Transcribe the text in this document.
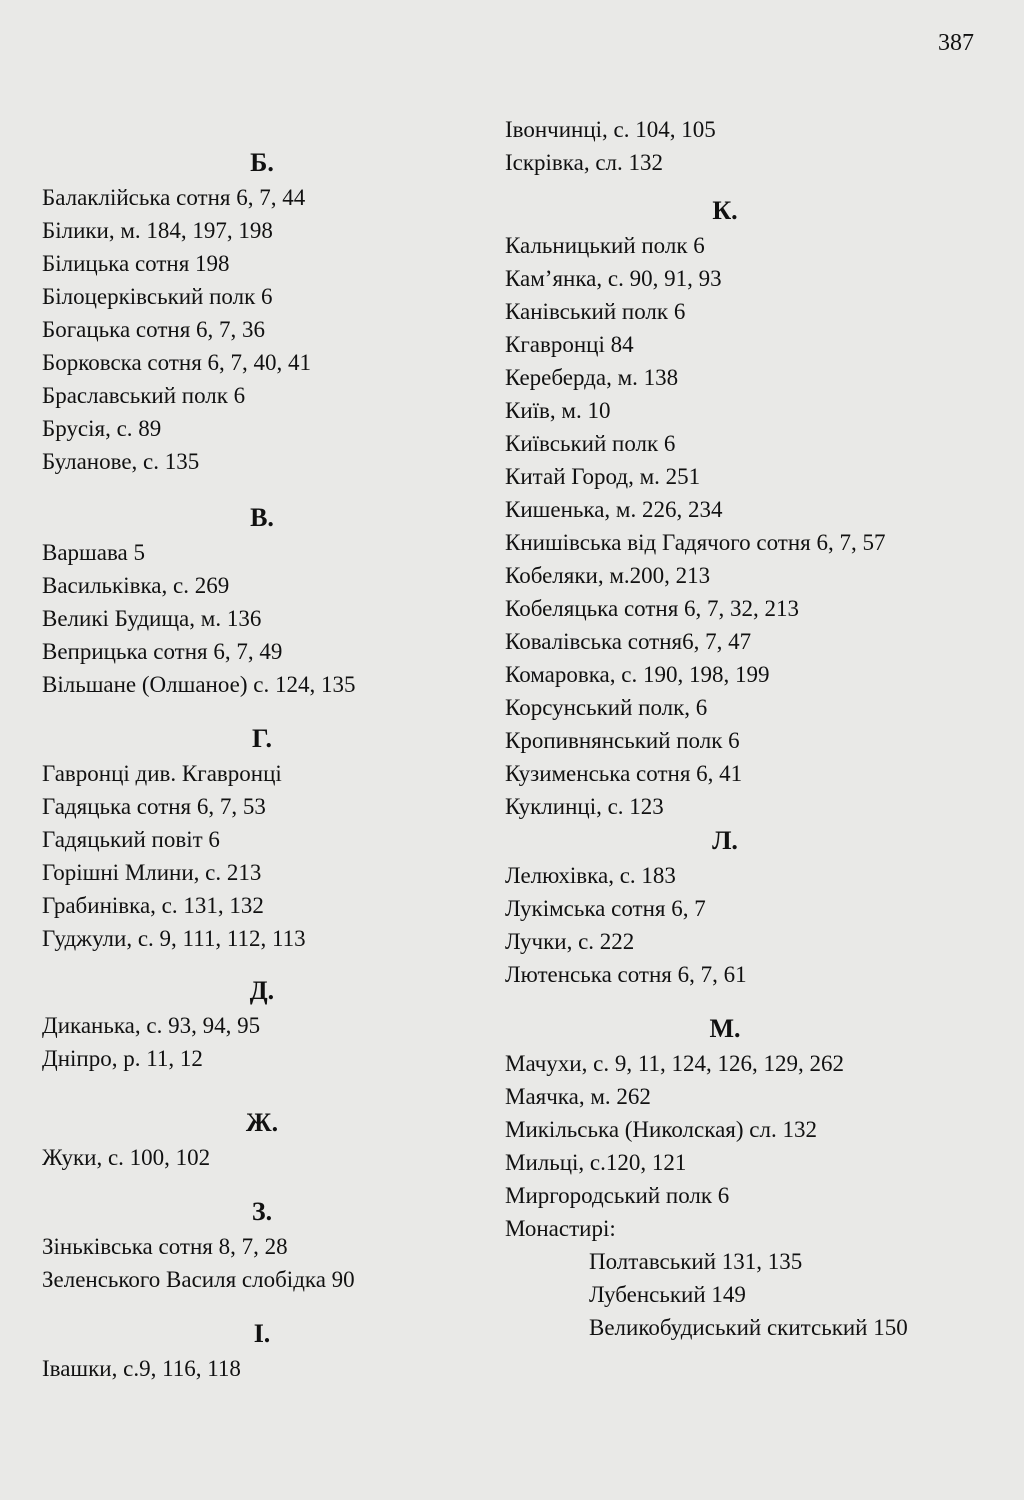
387
Б.
Балаклійська сотня 6, 7, 44
Білики, м. 184, 197, 198
Білицька сотня 198
Білоцерківський полк 6
Богацька сотня 6, 7, 36
Борковска сотня 6, 7, 40, 41
Браславський полк 6
Брусія, с. 89
Буланове, с. 135
В.
Варшава 5
Васильківка, с. 269
Великі Будища, м. 136
Веприцька сотня 6, 7, 49
Вільшане (Олшаное) с. 124, 135
Г.
Гавронці див. Кгавронці
Гадяцька сотня 6, 7, 53
Гадяцький повіт 6
Горішні Млини, с. 213
Грабинівка, с. 131, 132
Гуджули, с. 9, 111, 112, 113
Д.
Диканька, с. 93, 94, 95
Дніпро, р. 11, 12
Ж.
Жуки, с. 100, 102
З.
Зіньківська сотня 8, 7, 28
Зеленського Василя слобідка 90
І.
Івашки, с.9, 116, 118
Івончинці, с. 104, 105
Іскрівка, сл. 132
К.
Кальницький полк 6
Кам’янка, с. 90, 91, 93
Канівський полк 6
Кгавронці 84
Кереберда, м. 138
Київ, м. 10
Київський полк 6
Китай Город, м. 251
Кишенька, м. 226, 234
Книшівська від Гадячого сотня 6, 7, 57
Кобеляки, м.200, 213
Кобеляцька сотня 6, 7, 32, 213
Ковалівська сотня6, 7, 47
Комаровка, с. 190, 198, 199
Корсунський полк, 6
Кропивнянський полк 6
Кузименська сотня 6, 41
Куклинці, с. 123
Л.
Лелюхівка, с. 183
Лукімська сотня 6, 7
Лучки, с. 222
Лютенська сотня 6, 7, 61
М.
Мачухи, с. 9, 11, 124, 126, 129, 262
Маячка, м. 262
Микільська (Николская) сл. 132
Мильці, с.120, 121
Миргородський полк 6
Монастирі:
Полтавський 131, 135
Лубенський 149
Великобудиський скитський 150
